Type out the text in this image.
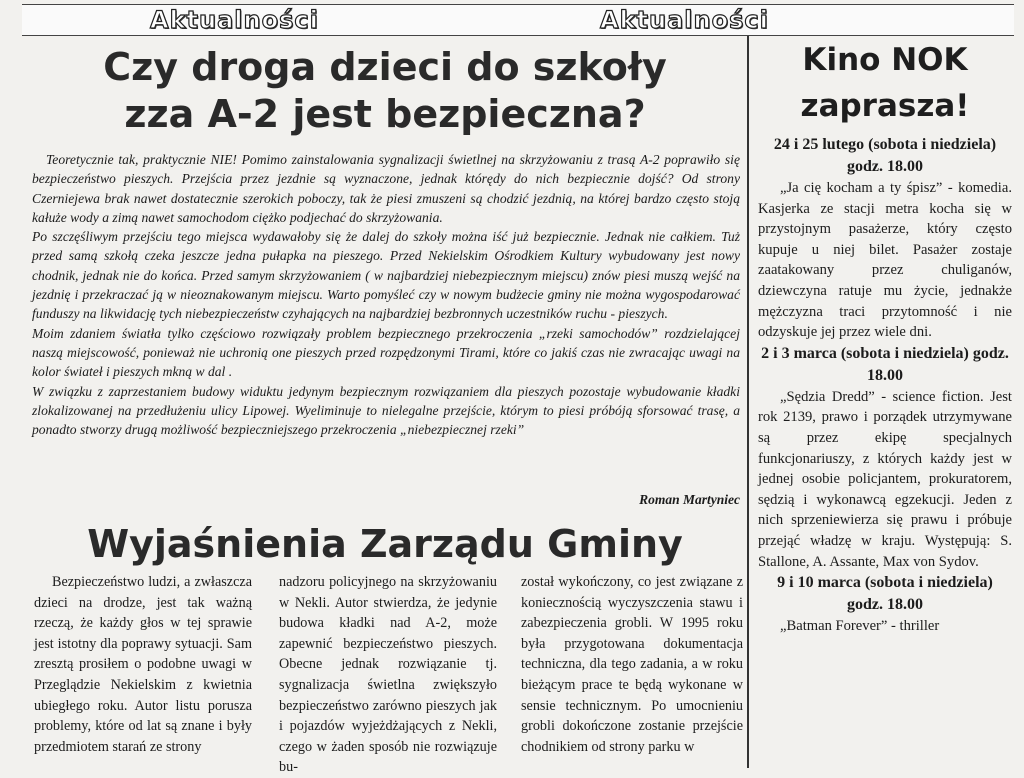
Aktualności	Aktualności
Czy droga dzieci do szkoły
zza A-2 jest bezpieczna?

Teoretycznie tak, praktycznie NIE! Pomimo zainstalowania sygnalizacji świetlnej na skrzyżowaniu z trasą A-2 poprawiło się bezpieczeństwo pieszych. Przejścia przez jezdnie są wyznaczone, jednak którędy do nich bezpiecznie dojść? Od strony Czerniejewa brak nawet dostatecznie szerokich poboczy, tak że piesi zmuszeni są chodzić jezdnią, na której bardzo często stoją kałuże wody a zimą nawet samochodom ciężko podjechać do skrzyżowania.

Po szczęśliwym przejściu tego miejsca wydawałoby się że dalej do szkoły można iść już bezpiecznie. Jednak nie całkiem. Tuż przed samą szkołą czeka jeszcze jedna pułapka na pieszego. Przed Nekielskim Ośrodkiem Kultury wybudowany jest nowy chodnik, jednak nie do końca. Przed samym skrzyżowaniem ( w najbardziej niebezpiecznym miejscu) znów piesi muszą wejść na jezdnię i przekraczać ją w nieoznakowanym miejscu. Warto pomyśleć czy w nowym budżecie gminy nie można wygospodarować funduszy na likwidację tych niebezpieczeństw czyhających na najbardziej bezbronnych uczestników ruchu - pieszych.

Moim zdaniem światła tylko częściowo rozwiązały problem bezpiecznego przekroczenia „rzeki samochodów” rozdzielającej naszą miejscowość, ponieważ nie uchronią one pieszych przed rozpędzonymi Tirami, które co jakiś czas nie zwracając uwagi na kolor świateł i pieszych mkną w dal .

W związku z zaprzestaniem budowy widuktu jedynym bezpiecznym rozwiązaniem dla pieszych pozostaje wybudowanie kładki zlokalizowanej na przedłużeniu ulicy Lipowej. Wyeliminuje to nielegalne przejście, którym to piesi próbóją sforsować trasę, a ponadto stworzy drugą możliwość bezpieczniejszego przekroczenia „niebezpiecznej rzeki”

Roman Martyniec
Wyjaśnienia Zarządu Gminy

Bezpieczeństwo ludzi, a zwłaszcza dzieci na drodze, jest tak ważną rzeczą, że każdy głos w tej sprawie jest istotny dla poprawy sytuacji. Sam zresztą prosiłem o podobne uwagi w Przeglądzie Nekielskim z kwietnia ubiegłego roku. Autor listu porusza problemy, które od lat są znane i były przedmiotem starań ze strony

nadzoru policyjnego na skrzyżowaniu w Nekli. Autor stwierdza, że jedynie budowa kładki nad A-2, może zapewnić bezpieczeństwo pieszych. Obecne jednak rozwiązanie tj. sygnalizacja świetlna zwiększyło bezpieczeństwo zarówno pieszych jak i pojazdów wyjeżdżających z Nekli, czego w żaden sposób nie rozwiązuje bu-

został wykończony, co jest związane z koniecznością wyczyszczenia stawu i zabezpieczenia grobli. W 1995 roku była przygotowana dokumentacja techniczna, dla tego zadania, a w roku bieżącym prace te będą wykonane w sensie technicznym. Po umocnieniu grobli dokończone zostanie przejście chodnikiem od strony parku w

Kino NOK
zaprasza!
24 i 25 lutego (sobota i niedziela) godz. 18.00

„Ja cię kocham a ty śpisz” - komedia. Kasjerka ze stacji metra kocha się w przystojnym pasażerze, który często kupuje u niej bilet. Pasażer zostaje zaatakowany przez chuliganów, dziewczyna ratuje mu życie, jednakże mężczyzna traci przytomność i nie odzyskuje jej przez wiele dni.

2 i 3 marca (sobota i niedziela) godz. 18.00

„Sędzia Dredd” - science fiction. Jest rok 2139, prawo i porządek utrzymywane są przez ekipę specjalnych funkcjonariuszy, z których każdy jest w jednej osobie policjantem, prokuratorem, sędzią i wykonawcą egzekucji. Jeden z nich sprzeniewierza się prawu i próbuje przejąć władzę w kraju. Występują: S. Stallone, A. Assante, Max von Sydov.

9 i 10 marca (sobota i niedziela) godz. 18.00

„Batman Forever” - thriller
